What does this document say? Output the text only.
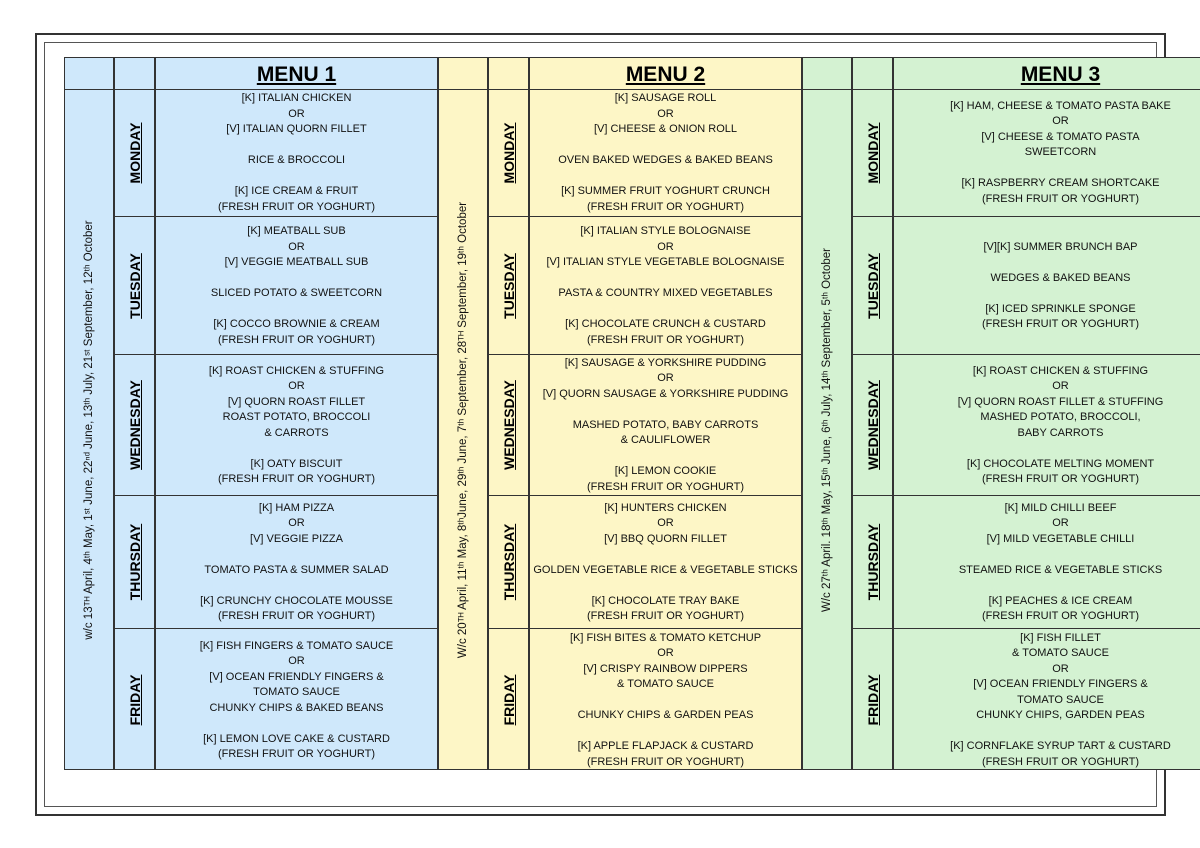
w/c 13ᵀᴴ April, 4ᵗʰ May, 1ˢᵗ June, 22ⁿᵈ June, 13ᵗʰ July, 21ˢᵗ September, 12ᵗʰ October
MONDAY
TUESDAY
WEDNESDAY
THURSDAY
FRIDAY
MENU 1
[K] ITALIAN CHICKEN
OR
[V] ITALIAN QUORN FILLET
RICE & BROCCOLI
[K] ICE CREAM & FRUIT
(FRESH FRUIT OR YOGHURT)
[K] MEATBALL SUB
OR
[V] VEGGIE MEATBALL SUB
SLICED POTATO & SWEETCORN
[K] COCCO BROWNIE & CREAM
(FRESH FRUIT OR YOGHURT)
[K] ROAST CHICKEN & STUFFING
OR
[V] QUORN ROAST FILLET
ROAST POTATO, BROCCOLI
& CARROTS
[K] OATY BISCUIT
(FRESH FRUIT OR YOGHURT)
[K] HAM PIZZA
OR
[V] VEGGIE PIZZA
TOMATO PASTA & SUMMER SALAD
[K] CRUNCHY CHOCOLATE MOUSSE
(FRESH FRUIT OR YOGHURT)
[K] FISH FINGERS & TOMATO SAUCE
OR
[V] OCEAN FRIENDLY FINGERS &
TOMATO SAUCE
CHUNKY CHIPS & BAKED BEANS
[K] LEMON LOVE CAKE & CUSTARD
(FRESH FRUIT OR YOGHURT)
W/c 20ᵀᴴ April, 11ᵗʰ May, 8ᵗʰJune, 29ᵗʰ June, 7ᵗʰ September, 28ᵀᴴ September, 19ᵗʰ October
MONDAY
TUESDAY
WEDNESDAY
THURSDAY
FRIDAY
MENU 2
[K] SAUSAGE ROLL
OR
[V] CHEESE & ONION ROLL
OVEN BAKED WEDGES & BAKED BEANS
[K] SUMMER FRUIT YOGHURT CRUNCH
(FRESH FRUIT OR YOGHURT)
[K] ITALIAN STYLE BOLOGNAISE
OR
[V] ITALIAN STYLE VEGETABLE BOLOGNAISE
PASTA & COUNTRY MIXED VEGETABLES
[K] CHOCOLATE CRUNCH & CUSTARD
(FRESH FRUIT OR YOGHURT)
[K] SAUSAGE & YORKSHIRE PUDDING
OR
[V] QUORN SAUSAGE & YORKSHIRE PUDDING
MASHED POTATO, BABY CARROTS
& CAULIFLOWER
[K] LEMON COOKIE
(FRESH FRUIT OR YOGHURT)
[K] HUNTERS CHICKEN
OR
[V] BBQ QUORN FILLET
GOLDEN VEGETABLE RICE & VEGETABLE STICKS
[K] CHOCOLATE TRAY BAKE
(FRESH FRUIT OR YOGHURT)
[K] FISH BITES & TOMATO KETCHUP
OR
[V] CRISPY RAINBOW DIPPERS
& TOMATO SAUCE
CHUNKY CHIPS & GARDEN PEAS
[K] APPLE FLAPJACK & CUSTARD
(FRESH FRUIT OR YOGHURT)
W/c 27ᵗʰ April. 18ᵗʰ May, 15ᵗʰ June, 6ᵗʰ July, 14ᵗʰ September, 5ᵗʰ October
MONDAY
TUESDAY
WEDNESDAY
THURSDAY
FRIDAY
MENU 3
[K] HAM, CHEESE & TOMATO PASTA BAKE
OR
[V] CHEESE & TOMATO PASTA
SWEETCORN
[K] RASPBERRY CREAM SHORTCAKE
(FRESH FRUIT OR YOGHURT)
[V][K] SUMMER BRUNCH BAP
WEDGES & BAKED BEANS
[K] ICED SPRINKLE SPONGE
(FRESH FRUIT OR YOGHURT)
[K] ROAST CHICKEN & STUFFING
OR
[V] QUORN ROAST FILLET & STUFFING
MASHED POTATO, BROCCOLI,
BABY CARROTS
[K] CHOCOLATE MELTING MOMENT
(FRESH FRUIT OR YOGHURT)
[K] MILD CHILLI BEEF
OR
[V] MILD VEGETABLE CHILLI
STEAMED RICE & VEGETABLE STICKS
[K] PEACHES & ICE CREAM
(FRESH FRUIT OR YOGHURT)
[K] FISH FILLET
& TOMATO SAUCE
OR
[V] OCEAN FRIENDLY FINGERS &
TOMATO SAUCE
CHUNKY CHIPS, GARDEN PEAS
[K] CORNFLAKE SYRUP TART & CUSTARD
(FRESH FRUIT OR YOGHURT)
